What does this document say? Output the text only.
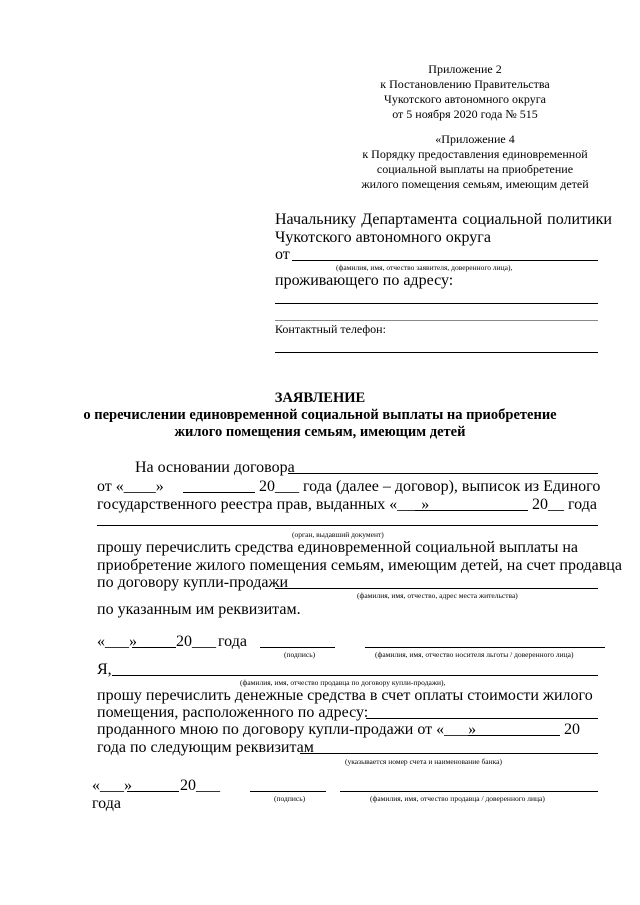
Приложение 2
к Постановлению Правительства
Чукотского автономного округа
от 5 ноября 2020 года № 515
«Приложение 4
к Порядку предоставления единовременной
социальной выплаты на приобретение
жилого помещения семьям, имеющим детей
Начальнику Департамента социальной политики
Чукотского автономного округа
от
(фамилия, имя, отчество заявителя, доверенного лица),
проживающего по адресу:
Контактный телефон:
ЗАЯВЛЕНИЕ
о перечислении единовременной социальной выплаты на приобретение
жилого помещения семьям, имеющим детей
На основании договора
от «____»	20___ года (далее – договор), выписок из Единого
государственного реестра прав, выданных «___»	20__ года
(орган, выдавший документ)
прошу перечислить средства единовременной социальной выплаты на
приобретение жилого помещения семьям, имеющим детей, на счет продавца
по договору купли-продажи
(фамилия, имя, отчество, адрес места жительства)
по указанным им реквизитам.
«___» 20___ года
(подпись)	(фамилия, имя, отчество носителя льготы / доверенного лица)
Я,
(фамилия, имя, отчество продавца по договору купли-продажи),
прошу перечислить денежные средства в счет оплаты стоимости жилого
помещения, расположенного по адресу:
проданного мною по договору купли-продажи от «___»	20
года по следующим реквизитам
(указывается номер счета и наименование банка)
«___»	20___
(подпись)	(фамилия, имя, отчество продавца / доверенного лица)
года
